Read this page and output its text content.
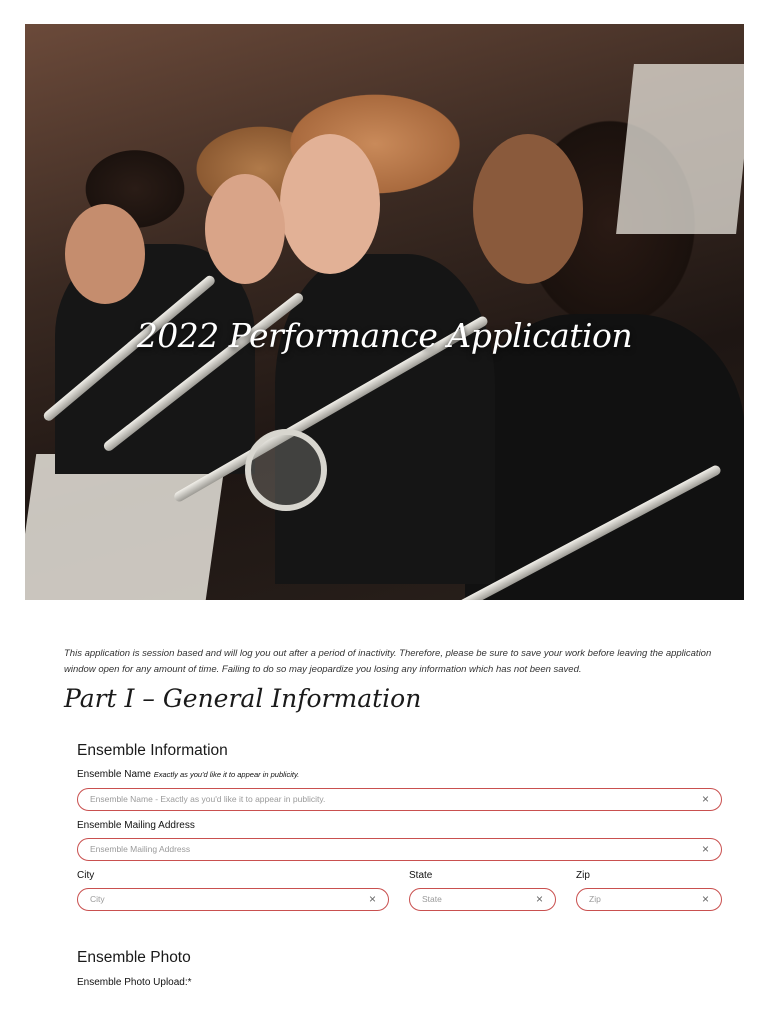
2022 Performance Application
This application is session based and will log you out after a period of inactivity. Therefore, please be sure to save your work before leaving the application window open for any amount of time. Failing to do so may jeopardize you losing any information which has not been saved.
Part I – General Information
Ensemble Information
Ensemble Name Exactly as you'd like it to appear in publicity.
Ensemble Name - Exactly as you'd like it to appear in publicity.	×
Ensemble Mailing Address
Ensemble Mailing Address	×
City
City	×
State
State	×
Zip
Zip	×
Ensemble Photo
Ensemble Photo Upload:*
